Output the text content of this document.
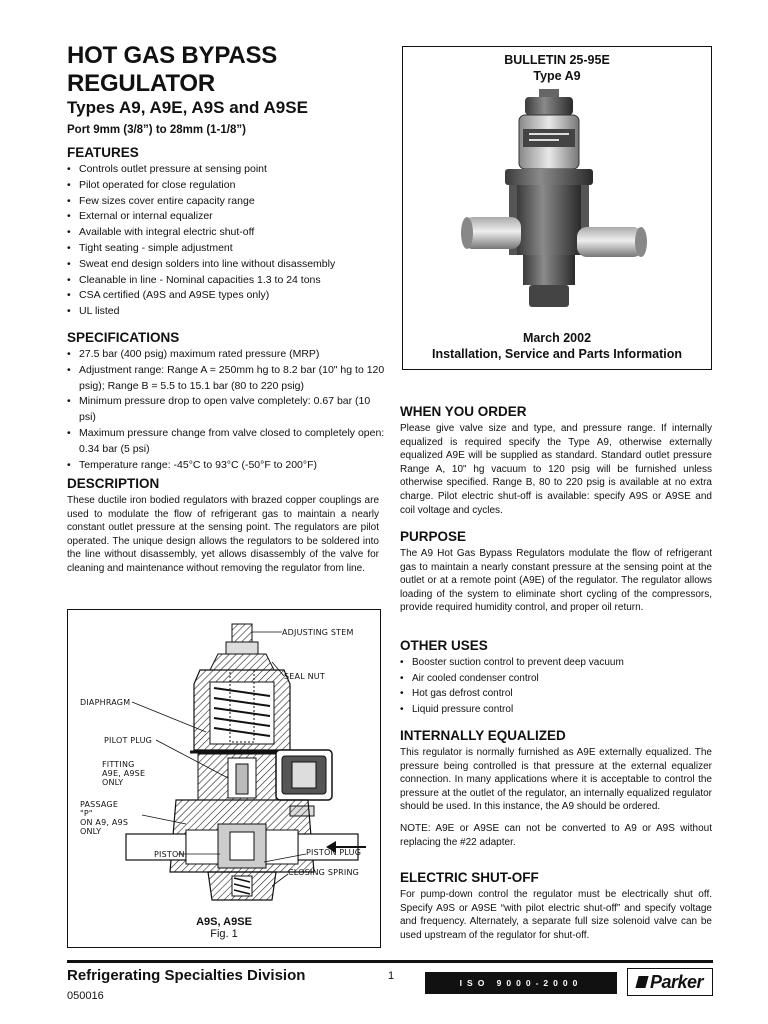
HOT GAS BYPASS
REGULATOR
Types A9, A9E, A9S and A9SE
Port 9mm (3/8”) to 28mm (1-1/8”)
FEATURES
• Controls outlet pressure at sensing point
• Pilot operated for close regulation
• Few sizes cover entire capacity range
• External or internal equalizer
• Available with integral electric shut-off
• Tight seating - simple adjustment
• Sweat end design solders into line without disassembly
• Cleanable in line - Nominal capacities 1.3 to 24 tons
• CSA certified (A9S and A9SE types only)
• UL listed
SPECIFICATIONS
• 27.5 bar (400 psig) maximum rated pressure (MRP)
• Adjustment range: Range A = 250mm hg to 8.2 bar (10" hg to 120 psig); Range B = 5.5 to 15.1 bar (80 to 220 psig)
• Minimum pressure drop to open valve completely: 0.67 bar (10 psi)
• Maximum pressure change from valve closed to completely open: 0.34 bar (5 psi)
• Temperature range: -45°C to 93°C (-50°F to 200°F)
DESCRIPTION

These ductile iron bodied regulators with brazed copper couplings are used to modulate the flow of refrigerant gas to maintain a nearly constant outlet pressure at the sensing point. The regulators are pilot operated. The unique design allows the regulators to be soldered into the line without disassembly, yet allows disassembly of the valve for cleaning and maintenance without removing the regulator from line.

ADJUSTING STEM
SEAL NUT
DIAPHRAGM
PILOT PLUG
FITTING
A9E, A9SE
ONLY
PASSAGE
"P"
ON A9, A9S
ONLY
PISTON	PISTON PLUG
CLOSING SPRING
A9S, A9SE
Fig. 1
BULLETIN 25-95E
Type A9
March 2002
Installation, Service and Parts Information
WHEN YOU ORDER

Please give valve size and type, and pressure range. If internally equalized is required specify the Type A9, otherwise externally equalized A9E will be supplied as standard. Standard outlet pressure Range A, 10" hg vacuum to 120 psig will be furnished unless otherwise specified. Range B, 80 to 220 psig is available at no extra charge. Pilot electric shut-off is available: specify A9S or A9SE and coil voltage and cycles.

PURPOSE

The A9 Hot Gas Bypass Regulators modulate the flow of refrigerant gas to maintain a nearly constant pressure at the sensing point at the outlet or at a remote point (A9E) of the regulator. The regulator allows loading of the system to eliminate short cycling of the compressors, provide required humidity control, and proper oil return.

OTHER USES
• Booster suction control to prevent deep vacuum
• Air cooled condenser control
• Hot gas defrost control
• Liquid pressure control
INTERNALLY EQUALIZED

This regulator is normally furnished as A9E externally equalized. The pressure being controlled is that pressure at the external equalizer connection. In many applications where it is acceptable to control the pressure at the outlet of the regulator, an internally equalized regulator should be used. In this instance, the A9 should be ordered.

NOTE: A9E or A9SE can not be converted to A9 or A9S without replacing the #22 adapter.

ELECTRIC SHUT-OFF

For pump-down control the regulator must be electrically shut off. Specify A9S or A9SE “with pilot electric shut-off” and specify voltage and frequency. Alternately, a separate full size solenoid valve can be used upstream of the regulator for shut-off.

Refrigerating Specialties Division	1
ISO 9000-2000 CERTIFIED
Parker
050016
